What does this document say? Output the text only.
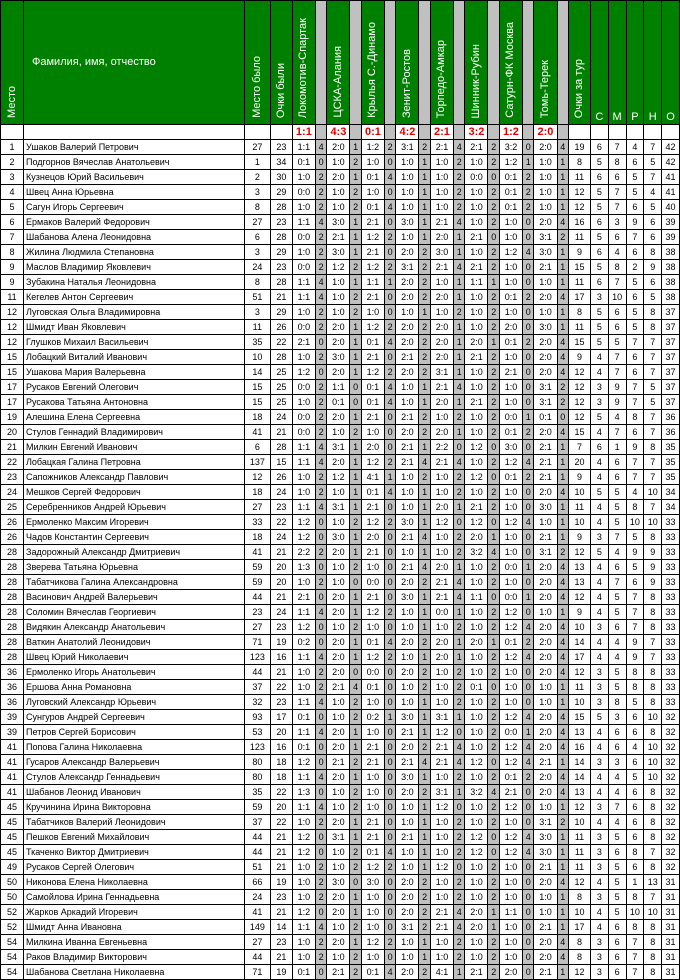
Место	Фамилия, имя, отчество	Место было	Очки были	Локомотив-Спартак		ЦСКА-Алания		Крылья С.-Динамо		Зенит-Ростов		Торпедо-Амкар		Шинник-Рубин		Сатурн-ФК Москва		Томь-Терек		Очки за тур	С	М	Р	Н	О
				1:1		4:3		0:1		4:2		2:1		3:2		1:2		2:0							
1	Ушаков Валерий Петрович	27	23	1:1	4	2:0	1	1:2	2	3:1	2	2:1	4	2:1	2	3:2	0	2:0	4	19	6	7	4	7	42
2	Подгорнов Вячеслав Анатольевич	1	34	0:1	0	1:0	2	1:0	0	1:0	1	1:0	2	1:0	2	1:2	1	1:0	1	8	5	8	6	5	42
3	Кузнецов Юрий Васильевич	2	30	1:0	2	2:0	1	0:1	4	1:0	1	1:0	2	0:0	0	0:1	2	1:0	1	11	6	6	5	7	41
4	Швец Анна Юрьевна	3	29	0:0	2	1:0	2	1:0	0	1:0	1	1:0	2	1:0	2	0:1	2	1:0	1	12	5	7	5	4	41
5	Сагун Игорь Сергеевич	8	28	1:0	2	1:0	2	0:1	4	1:0	1	1:0	2	1:0	2	0:1	2	1:0	1	12	5	7	6	5	40
6	Ермаков Валерий Федорович	27	23	1:1	4	3:0	1	2:1	0	3:0	1	2:1	4	1:0	2	1:0	0	2:0	4	16	6	3	9	6	39
7	Шабанова Алена Леонидовна	6	28	0:0	2	2:1	1	1:2	2	1:0	1	2:0	1	2:1	0	1:0	0	3:1	2	11	5	6	7	6	39
8	Жилина Людмила Степановна	3	29	1:0	2	3:0	1	2:1	0	2:0	2	3:0	1	1:0	2	1:2	4	3:0	1	9	6	4	6	8	38
9	Маслов Владимир Яковлевич	24	23	0:0	2	1:2	2	1:2	2	3:1	2	2:1	4	2:1	2	1:0	0	2:1	1	15	5	8	2	9	38
9	Зубакина Наталья Леонидовна	8	28	1:1	4	1:0	1	1:1	1	2:0	2	1:0	1	1:1	1	1:0	0	1:0	1	11	6	7	5	6	38
11	Кегелев Антон Сергеевич	51	21	1:1	4	1:0	2	2:1	0	2:0	2	2:0	1	1:0	2	0:1	2	2:0	4	17	3	10	6	5	38
12	Луговская Ольга Владимировна	3	29	1:0	2	1:0	2	1:0	0	1:0	1	1:0	2	1:0	2	1:0	0	1:0	1	8	5	6	5	8	37
12	Шмидт Иван Яковлевич	11	26	0:0	2	2:0	1	1:2	2	2:0	2	2:0	1	1:0	2	2:0	0	3:0	1	11	5	6	5	8	37
12	Глушков Михаил Васильевич	35	22	2:1	0	2:0	1	0:1	4	2:0	2	2:0	1	2:0	1	0:1	2	2:0	4	15	5	5	7	7	37
15	Лобацкий Виталий Иванович	10	28	1:0	2	3:0	1	2:1	0	2:1	2	2:0	1	2:1	2	1:0	0	2:0	4	9	4	7	6	7	37
15	Ушакова Мария Валерьевна	14	25	1:2	0	2:0	1	1:2	2	2:0	2	3:1	1	1:0	2	2:1	0	2:0	4	12	4	7	6	7	37
17	Русаков Евгений Олегович	15	25	0:0	2	1:1	0	0:1	4	1:0	1	2:1	4	1:0	2	1:0	0	3:1	2	12	3	9	7	5	37
17	Русакова Татьяна Антоновна	15	25	1:0	2	0:1	0	0:1	4	1:0	1	2:0	1	2:1	2	1:0	0	3:1	2	12	3	9	7	5	37
19	Алешина Елена Сергеевна	18	24	0:0	2	2:0	1	2:1	0	2:1	2	1:0	2	1:0	2	0:0	1	0:1	0	12	5	4	8	7	36
20	Стулов Геннадий Владимирович	41	21	0:0	2	1:0	2	1:0	0	2:0	2	2:0	1	1:0	2	0:1	2	2:0	4	15	4	7	6	7	36
21	Милкин Евгений Иванович	6	28	1:1	4	3:1	1	2:0	0	2:1	1	2:2	0	1:2	0	3:0	0	2:1	1	7	6	1	9	8	35
22	Лобацкая Галина Петровна	137	15	1:1	4	2:0	1	1:2	2	2:1	4	2:1	4	1:0	2	1:2	4	2:1	1	20	4	6	7	7	35
23	Сапожников Александр Павлович	12	26	1:0	2	1:2	1	4:1	1	1:0	2	1:0	2	1:2	0	0:1	2	2:1	1	9	4	6	7	7	35
24	Мешков Сергей Федорович	18	24	1:0	2	1:0	1	0:1	4	1:0	1	1:0	2	1:0	2	1:0	0	2:0	4	10	5	5	4	10	34
25	Серебренников Андрей Юрьевич	27	23	1:1	4	3:1	1	2:1	0	1:0	1	2:0	1	2:1	2	1:0	0	3:0	1	11	4	5	8	7	34
26	Ермоленко Максим Игоревич	33	22	1:2	0	1:0	2	1:2	2	3:0	1	1:2	0	1:2	0	1:2	4	1:0	1	10	4	5	10	10	33
26	Чадов Константин Сергеевич	18	24	1:2	0	3:0	1	2:0	0	2:1	4	1:0	2	2:0	1	1:0	0	2:1	1	9	3	7	5	8	33
28	Задорожный Александр Дмитриевич	41	21	2:2	2	2:0	1	2:1	0	1:0	1	1:0	2	3:2	4	1:0	0	3:1	2	12	5	4	9	9	33
28	Зверева Татьяна Юрьевна	59	20	1:3	0	1:0	2	1:0	0	2:1	4	2:0	1	1:0	2	0:0	1	2:0	4	13	4	6	5	9	33
28	Табатчикова Галина Александровна	59	20	1:0	2	1:0	0	0:0	0	2:0	2	2:1	4	1:0	2	1:0	0	2:0	4	13	4	7	6	9	33
28	Васинович Андрей Валерьевич	44	21	2:1	0	2:0	1	2:1	0	3:0	1	2:1	4	1:1	0	0:0	1	2:0	4	12	4	5	7	8	33
28	Соломин Вячеслав Георгиевич	23	24	1:1	4	2:0	1	1:2	2	1:0	1	0:0	1	1:0	2	1:2	0	1:0	1	9	4	5	7	8	33
28	Видякин Александр Анатольевич	27	23	1:2	0	1:0	2	1:0	0	1:0	1	1:0	2	1:0	2	1:2	4	2:0	4	10	3	6	7	8	33
28	Ваткин Анатолий Леонидович	71	19	0:2	0	2:0	1	0:1	4	2:0	2	2:0	1	2:0	1	0:1	2	2:0	4	14	4	4	9	7	33
28	Швец Юрий Николаевич	123	16	1:1	4	2:0	1	1:2	2	1:0	1	2:0	1	1:0	2	1:2	4	2:0	4	17	4	4	9	7	33
36	Ермоленко Игорь Анатольевич	44	21	1:0	2	2:0	0	0:0	0	2:0	2	1:0	2	1:0	2	1:0	0	2:0	4	12	3	5	8	8	33
36	Ершова Анна Романовна	37	22	1:0	2	2:1	4	0:1	0	1:0	2	1:0	2	0:1	0	1:0	0	1:0	1	11	3	5	8	8	33
36	Луговский Александр Юрьевич	32	23	1:1	4	1:0	2	1:0	0	1:0	1	1:0	2	1:0	2	1:0	0	1:0	1	10	3	8	5	8	33
39	Сунгуров Андрей Сергеевич	93	17	0:1	0	1:0	2	0:2	1	3:0	1	3:1	1	1:0	2	1:2	4	2:0	4	15	5	3	6	10	32
39	Петров Сергей Борисович	53	20	1:1	4	2:0	1	1:0	0	2:1	1	1:2	0	1:0	2	0:0	1	2:0	4	13	4	6	6	8	32
41	Попова Галина Николаевна	123	16	0:1	0	2:0	1	2:1	0	2:0	2	2:1	4	1:0	2	1:2	4	2:0	4	16	4	6	4	10	32
41	Гусаров Александр Валерьевич	80	18	1:2	0	2:1	2	2:1	0	2:1	4	2:1	4	1:2	0	1:2	4	2:1	1	14	3	3	6	10	32
41	Стулов Александр Геннадьевич	80	18	1:1	4	2:0	1	1:0	0	3:0	1	1:0	2	1:0	2	0:1	2	2:0	4	14	4	4	5	10	32
41	Шабанов Леонид Иванович	35	22	1:3	0	1:0	2	1:0	0	2:0	2	3:1	1	3:2	4	2:1	0	2:0	4	13	4	4	6	8	32
45	Кручинина Ирина Викторовна	59	20	1:1	4	1:0	2	1:0	0	1:0	1	1:2	0	1:0	2	1:2	0	1:0	1	12	3	7	6	8	32
45	Табатчиков Валерий Леонидович	37	22	1:0	2	2:0	1	2:1	0	1:0	1	1:0	2	1:0	2	1:0	0	3:1	2	10	4	4	6	8	32
45	Пешков Евгений Михайлович	44	21	1:2	0	3:1	1	2:1	0	2:1	1	1:0	2	1:2	0	1:2	4	3:0	1	11	3	5	6	8	32
45	Ткаченко Виктор Дмитриевич	44	21	1:2	0	1:0	2	0:1	4	1:0	1	1:0	2	1:2	0	1:2	4	3:0	1	11	3	6	8	7	32
49	Русаков Сергей Олегович	51	21	1:0	2	1:0	2	1:2	2	1:0	1	1:2	0	1:0	2	1:0	0	2:1	1	11	3	5	6	8	32
50	Никонова Елена Николаевна	66	19	1:0	2	3:0	0	3:0	0	2:0	2	1:0	2	1:0	2	1:0	0	2:0	4	12	4	5	1	13	31
50	Самойлова Ирина Геннадьевна	24	23	1:0	2	2:0	1	1:0	0	2:0	2	1:0	2	1:0	2	1:0	0	1:0	1	8	3	5	8	7	31
52	Жарков Аркадий Игоревич	41	21	1:2	0	2:0	1	1:0	0	2:0	2	2:1	4	2:0	1	1:1	0	1:0	1	10	4	5	10	10	31
52	Шмидт Анна Ивановна	149	14	1:1	4	1:0	2	1:0	0	3:1	2	2:1	4	2:0	1	1:0	0	2:1	1	17	4	6	8	8	31
54	Милкина Иванна Евгеньевна	27	23	1:0	2	2:0	1	1:2	2	1:0	1	1:0	2	1:0	2	1:0	0	2:0	4	8	3	6	7	8	31
54	Раков Владимир Викторович	44	21	1:0	2	1:0	2	1:0	0	1:0	1	1:0	2	1:0	2	1:0	0	2:0	4	8	3	6	7	8	31
54	Шабанова Светлана Николаевна	71	19	0:1	0	2:1	2	0:1	4	2:0	2	4:1	1	2:1	2	2:0	0	2:1	1	12	3	6	7	8	31
